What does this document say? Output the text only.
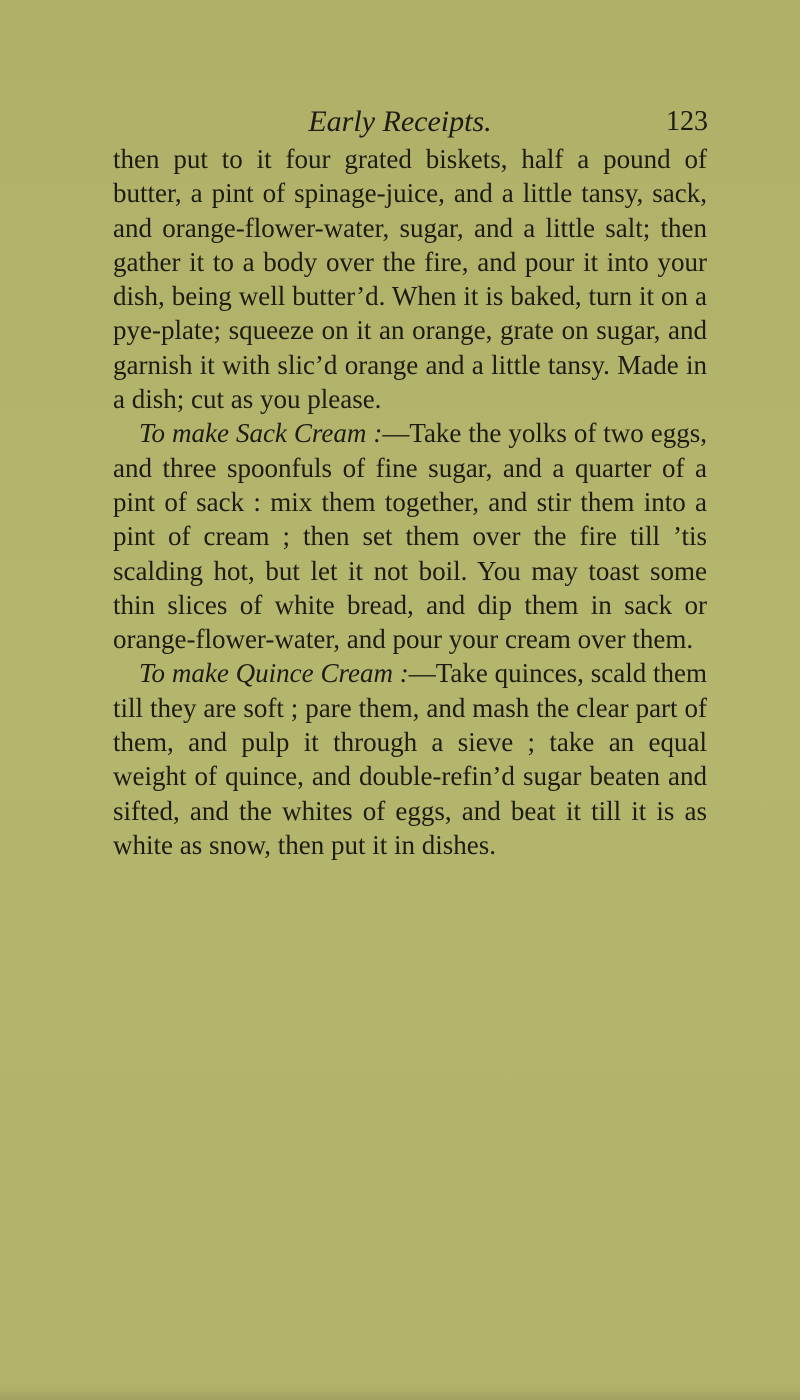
Early Receipts.	123

then put to it four grated biskets, half a pound of butter, a pint of spinage-juice, and a little tansy, sack, and orange-flower-water, sugar, and a little salt; then gather it to a body over the fire, and pour it into your dish, being well butter’d. When it is baked, turn it on a pye-plate; squeeze on it an orange, grate on sugar, and garnish it with slic’d orange and a little tansy. Made in a dish; cut as you please.

To make Sack Cream :—Take the yolks of two eggs, and three spoonfuls of fine sugar, and a quarter of a pint of sack : mix them together, and stir them into a pint of cream ; then set them over the fire till ’tis scalding hot, but let it not boil. You may toast some thin slices of white bread, and dip them in sack or orange-flower-water, and pour your cream over them.

To make Quince Cream :—Take quinces, scald them till they are soft ; pare them, and mash the clear part of them, and pulp it through a sieve ; take an equal weight of quince, and double-refin’d sugar beaten and sifted, and the whites of eggs, and beat it till it is as white as snow, then put it in dishes.
